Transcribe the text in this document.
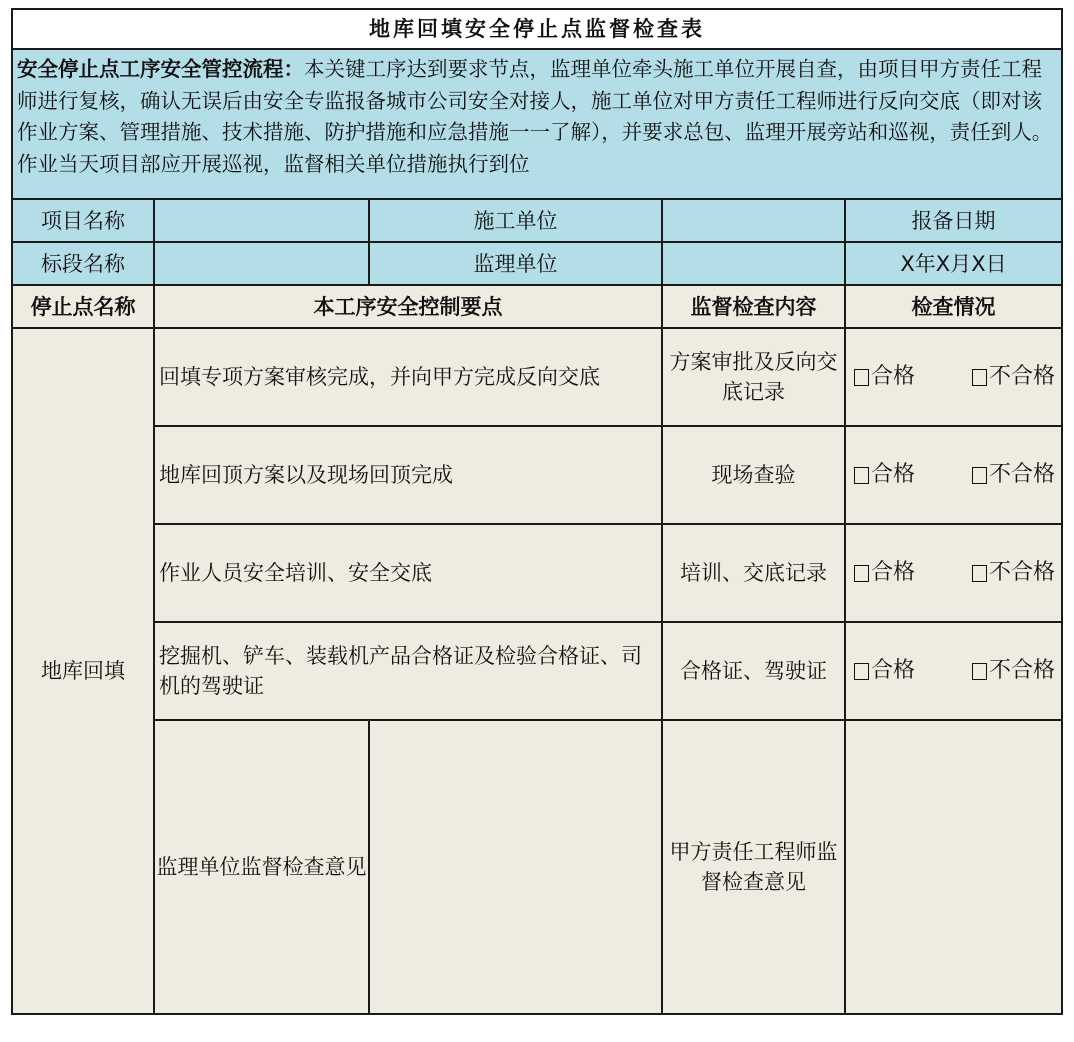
地库回填安全停止点监督检查表				
安全停止点工序安全管控流程：本关键工序达到要求节点，监理单位牵头施工单位开展自查，由项目甲方责任工程师进行复核，确认无误后由安全专监报备城市公司安全对接人，施工单位对甲方责任工程师进行反向交底（即对该作业方案、管理措施、技术措施、防护措施和应急措施一一了解），并要求总包、监理开展旁站和巡视，责任到人。作业当天项目部应开展巡视，监督相关单位措施执行到位				
项目名称		施工单位		报备日期
标段名称		监理单位		X年X月X日
停止点名称	本工序安全控制要点		监督检查内容	检查情况
地库回填	回填专项方案审核完成，并向甲方完成反向交底		方案审批及反向交底记录	合格 不合格

	地库回顶方案以及现场回顶完成		现场查验	合格 不合格

	作业人员安全培训、安全交底		培训、交底记录	合格 不合格

	挖掘机、铲车、装载机产品合格证及检验合格证、司机的驾驶证		合格证、驾驶证	合格 不合格

	监理单位监督检查意见		甲方责任工程师监督检查意见	
